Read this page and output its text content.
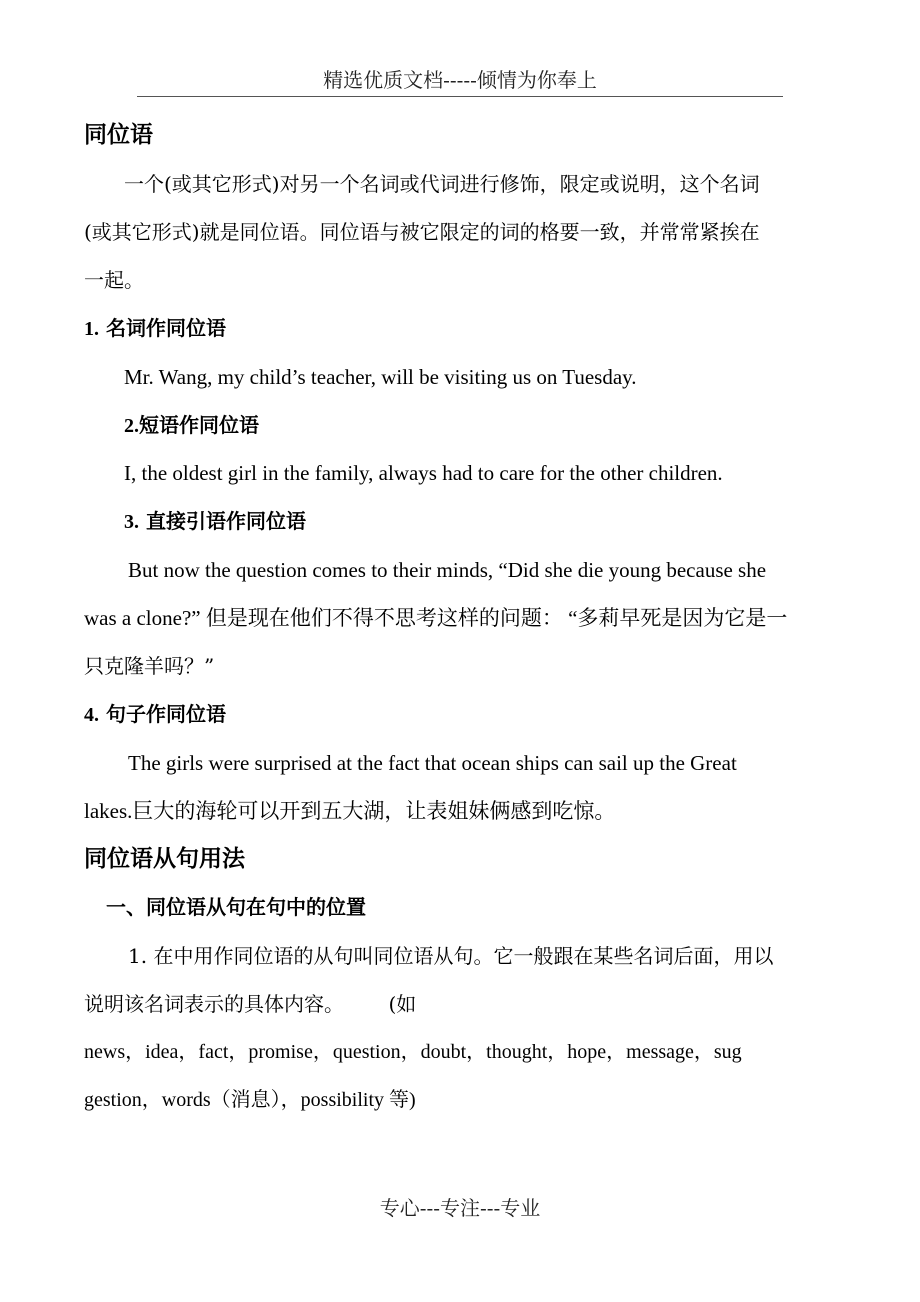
精选优质文档-----倾情为你奉上
同位语
一个(或其它形式)对另一个名词或代词进行修饰，限定或说明，这个名词
(或其它形式)就是同位语。同位语与被它限定的词的格要一致，并常常紧挨在
一起。
1. 名词作同位语
Mr. Wang, my child’s teacher, will be visiting us on Tuesday.
2.短语作同位语
I, the oldest girl in the family, always had to care for the other children.
3. 直接引语作同位语
But now the question comes to their minds, “Did she die young because she
was a clone?” 但是现在他们不得不思考这样的问题： “多莉早死是因为它是一
只克隆羊吗？”
4. 句子作同位语
The girls were surprised at the fact that ocean ships can sail up the Great
lakes.巨大的海轮可以开到五大湖，让表姐妹俩感到吃惊。
同位语从句用法
一、同位语从句在句中的位置
1. 在中用作同位语的从句叫同位语从句。它一般跟在某些名词后面，用以
说明该名词表示的具体内容。       (如
news，idea，fact，promise，question，doubt，thought，hope，message，sug
gestion，words（消息），possibility 等)
专心---专注---专业
